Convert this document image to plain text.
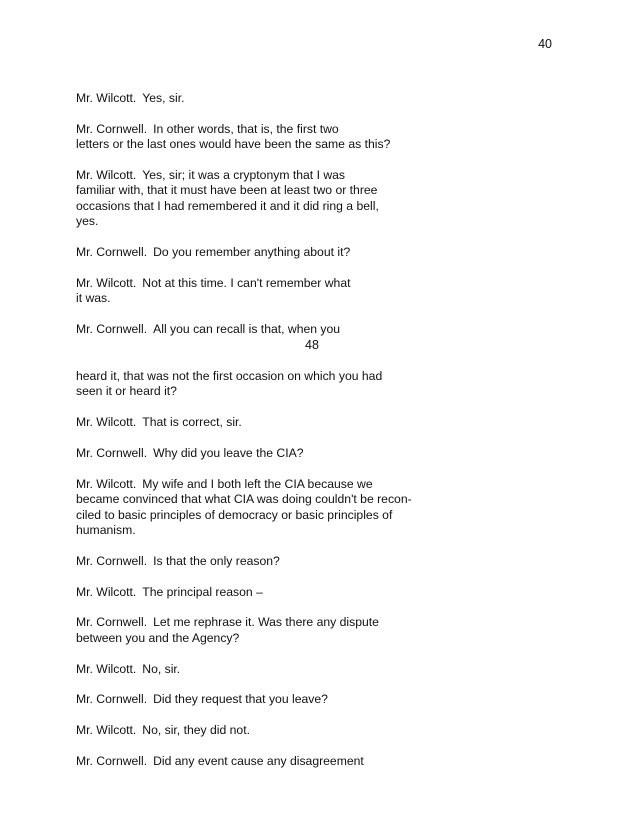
40

Mr. Wilcott. Yes, sir.

Mr. Cornwell. In other words, that is, the first two
letters or the last ones would have been the same as this?

Mr. Wilcott. Yes, sir; it was a cryptonym that I was
familiar with, that it must have been at least two or three
occasions that I had remembered it and it did ring a bell,
yes.

Mr. Cornwell. Do you remember anything about it?

Mr. Wilcott. Not at this time. I can't remember what
it was.

Mr. Cornwell. All you can recall is that, when you

48

heard it, that was not the first occasion on which you had
seen it or heard it?

Mr. Wilcott. That is correct, sir.

Mr. Cornwell. Why did you leave the CIA?

Mr. Wilcott. My wife and I both left the CIA because we
became convinced that what CIA was doing couldn't be recon-
ciled to basic principles of democracy or basic principles of
humanism.

Mr. Cornwell. Is that the only reason?

Mr. Wilcott. The principal reason –

Mr. Cornwell. Let me rephrase it. Was there any dispute
between you and the Agency?

Mr. Wilcott. No, sir.

Mr. Cornwell. Did they request that you leave?

Mr. Wilcott. No, sir, they did not.

Mr. Cornwell. Did any event cause any disagreement
